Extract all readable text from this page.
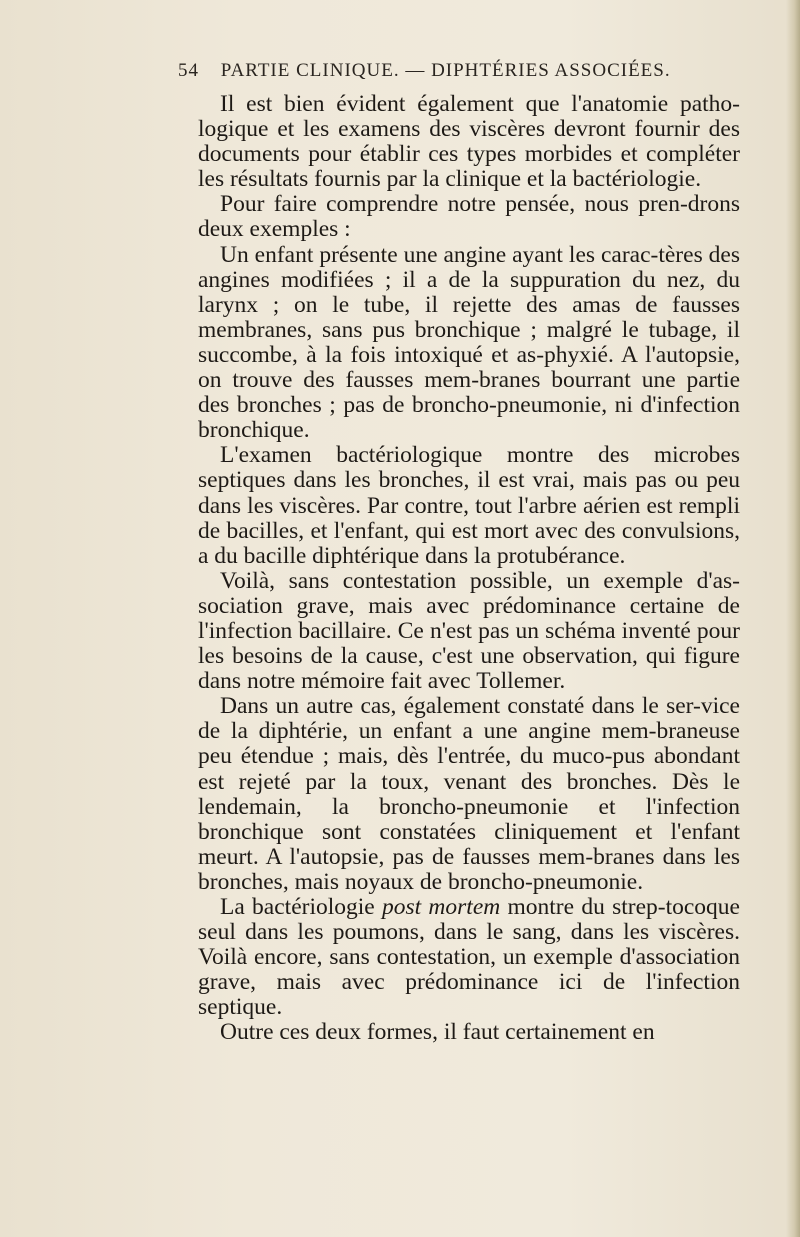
54 PARTIE CLINIQUE. — DIPHTÉRIES ASSOCIÉES.

Il est bien évident également que l'anatomie patho-logique et les examens des viscères devront fournir des documents pour établir ces types morbides et compléter les résultats fournis par la clinique et la bactériologie.

Pour faire comprendre notre pensée, nous pren-drons deux exemples :

Un enfant présente une angine ayant les carac-tères des angines modifiées ; il a de la suppuration du nez, du larynx ; on le tube, il rejette des amas de fausses membranes, sans pus bronchique ; malgré le tubage, il succombe, à la fois intoxiqué et as-phyxié. A l'autopsie, on trouve des fausses mem-branes bourrant une partie des bronches ; pas de broncho-pneumonie, ni d'infection bronchique.

L'examen bactériologique montre des microbes septiques dans les bronches, il est vrai, mais pas ou peu dans les viscères. Par contre, tout l'arbre aérien est rempli de bacilles, et l'enfant, qui est mort avec des convulsions, a du bacille diphtérique dans la protubérance.

Voilà, sans contestation possible, un exemple d'as-sociation grave, mais avec prédominance certaine de l'infection bacillaire. Ce n'est pas un schéma inventé pour les besoins de la cause, c'est une observation, qui figure dans notre mémoire fait avec Tollemer.

Dans un autre cas, également constaté dans le ser-vice de la diphtérie, un enfant a une angine mem-braneuse peu étendue ; mais, dès l'entrée, du muco-pus abondant est rejeté par la toux, venant des bronches. Dès le lendemain, la broncho-pneumonie et l'infection bronchique sont constatées cliniquement et l'enfant meurt. A l'autopsie, pas de fausses mem-branes dans les bronches, mais noyaux de broncho-pneumonie.

La bactériologie post mortem montre du strep-tocoque seul dans les poumons, dans le sang, dans les viscères. Voilà encore, sans contestation, un exemple d'association grave, mais avec prédominance ici de l'infection septique.

Outre ces deux formes, il faut certainement en
